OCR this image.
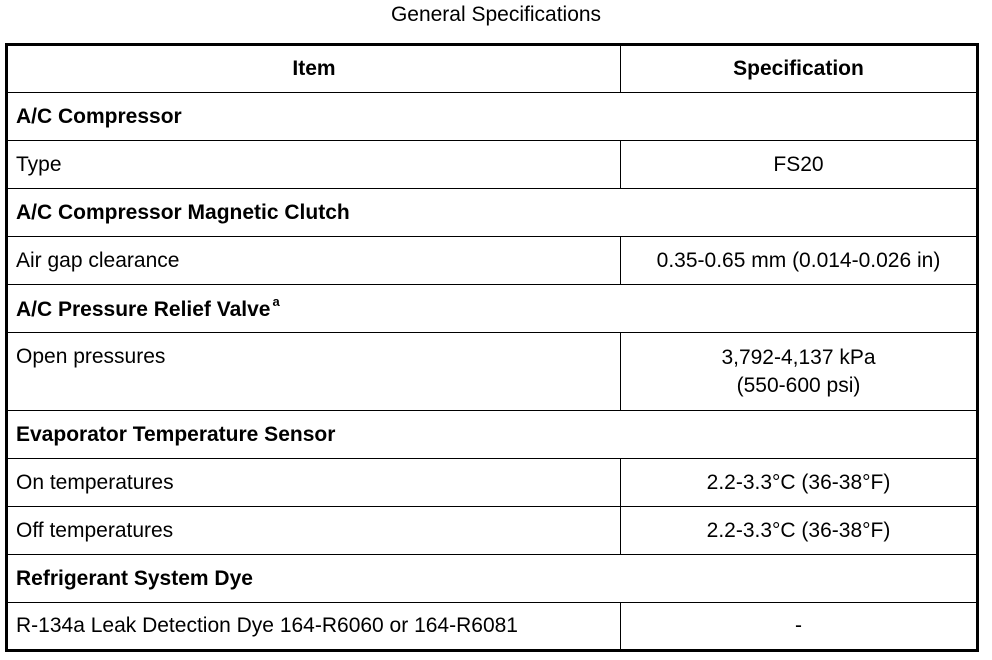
General Specifications
Item	Specification
A/C Compressor	
Type	FS20
A/C Compressor Magnetic Clutch	
Air gap clearance	0.35-0.65 mm (0.014-0.026 in)
A/C Pressure Relief Valve $^a$
Open pressures	3,792-4,137 kPa
(550-600 psi)

Evaporator Temperature Sensor	
On temperatures	2.2-3.3°C (36-38°F)
Off temperatures	2.2-3.3°C (36-38°F)
Refrigerant System Dye	
R-134a Leak Detection Dye 164-R6060 or 164-R6081	-
